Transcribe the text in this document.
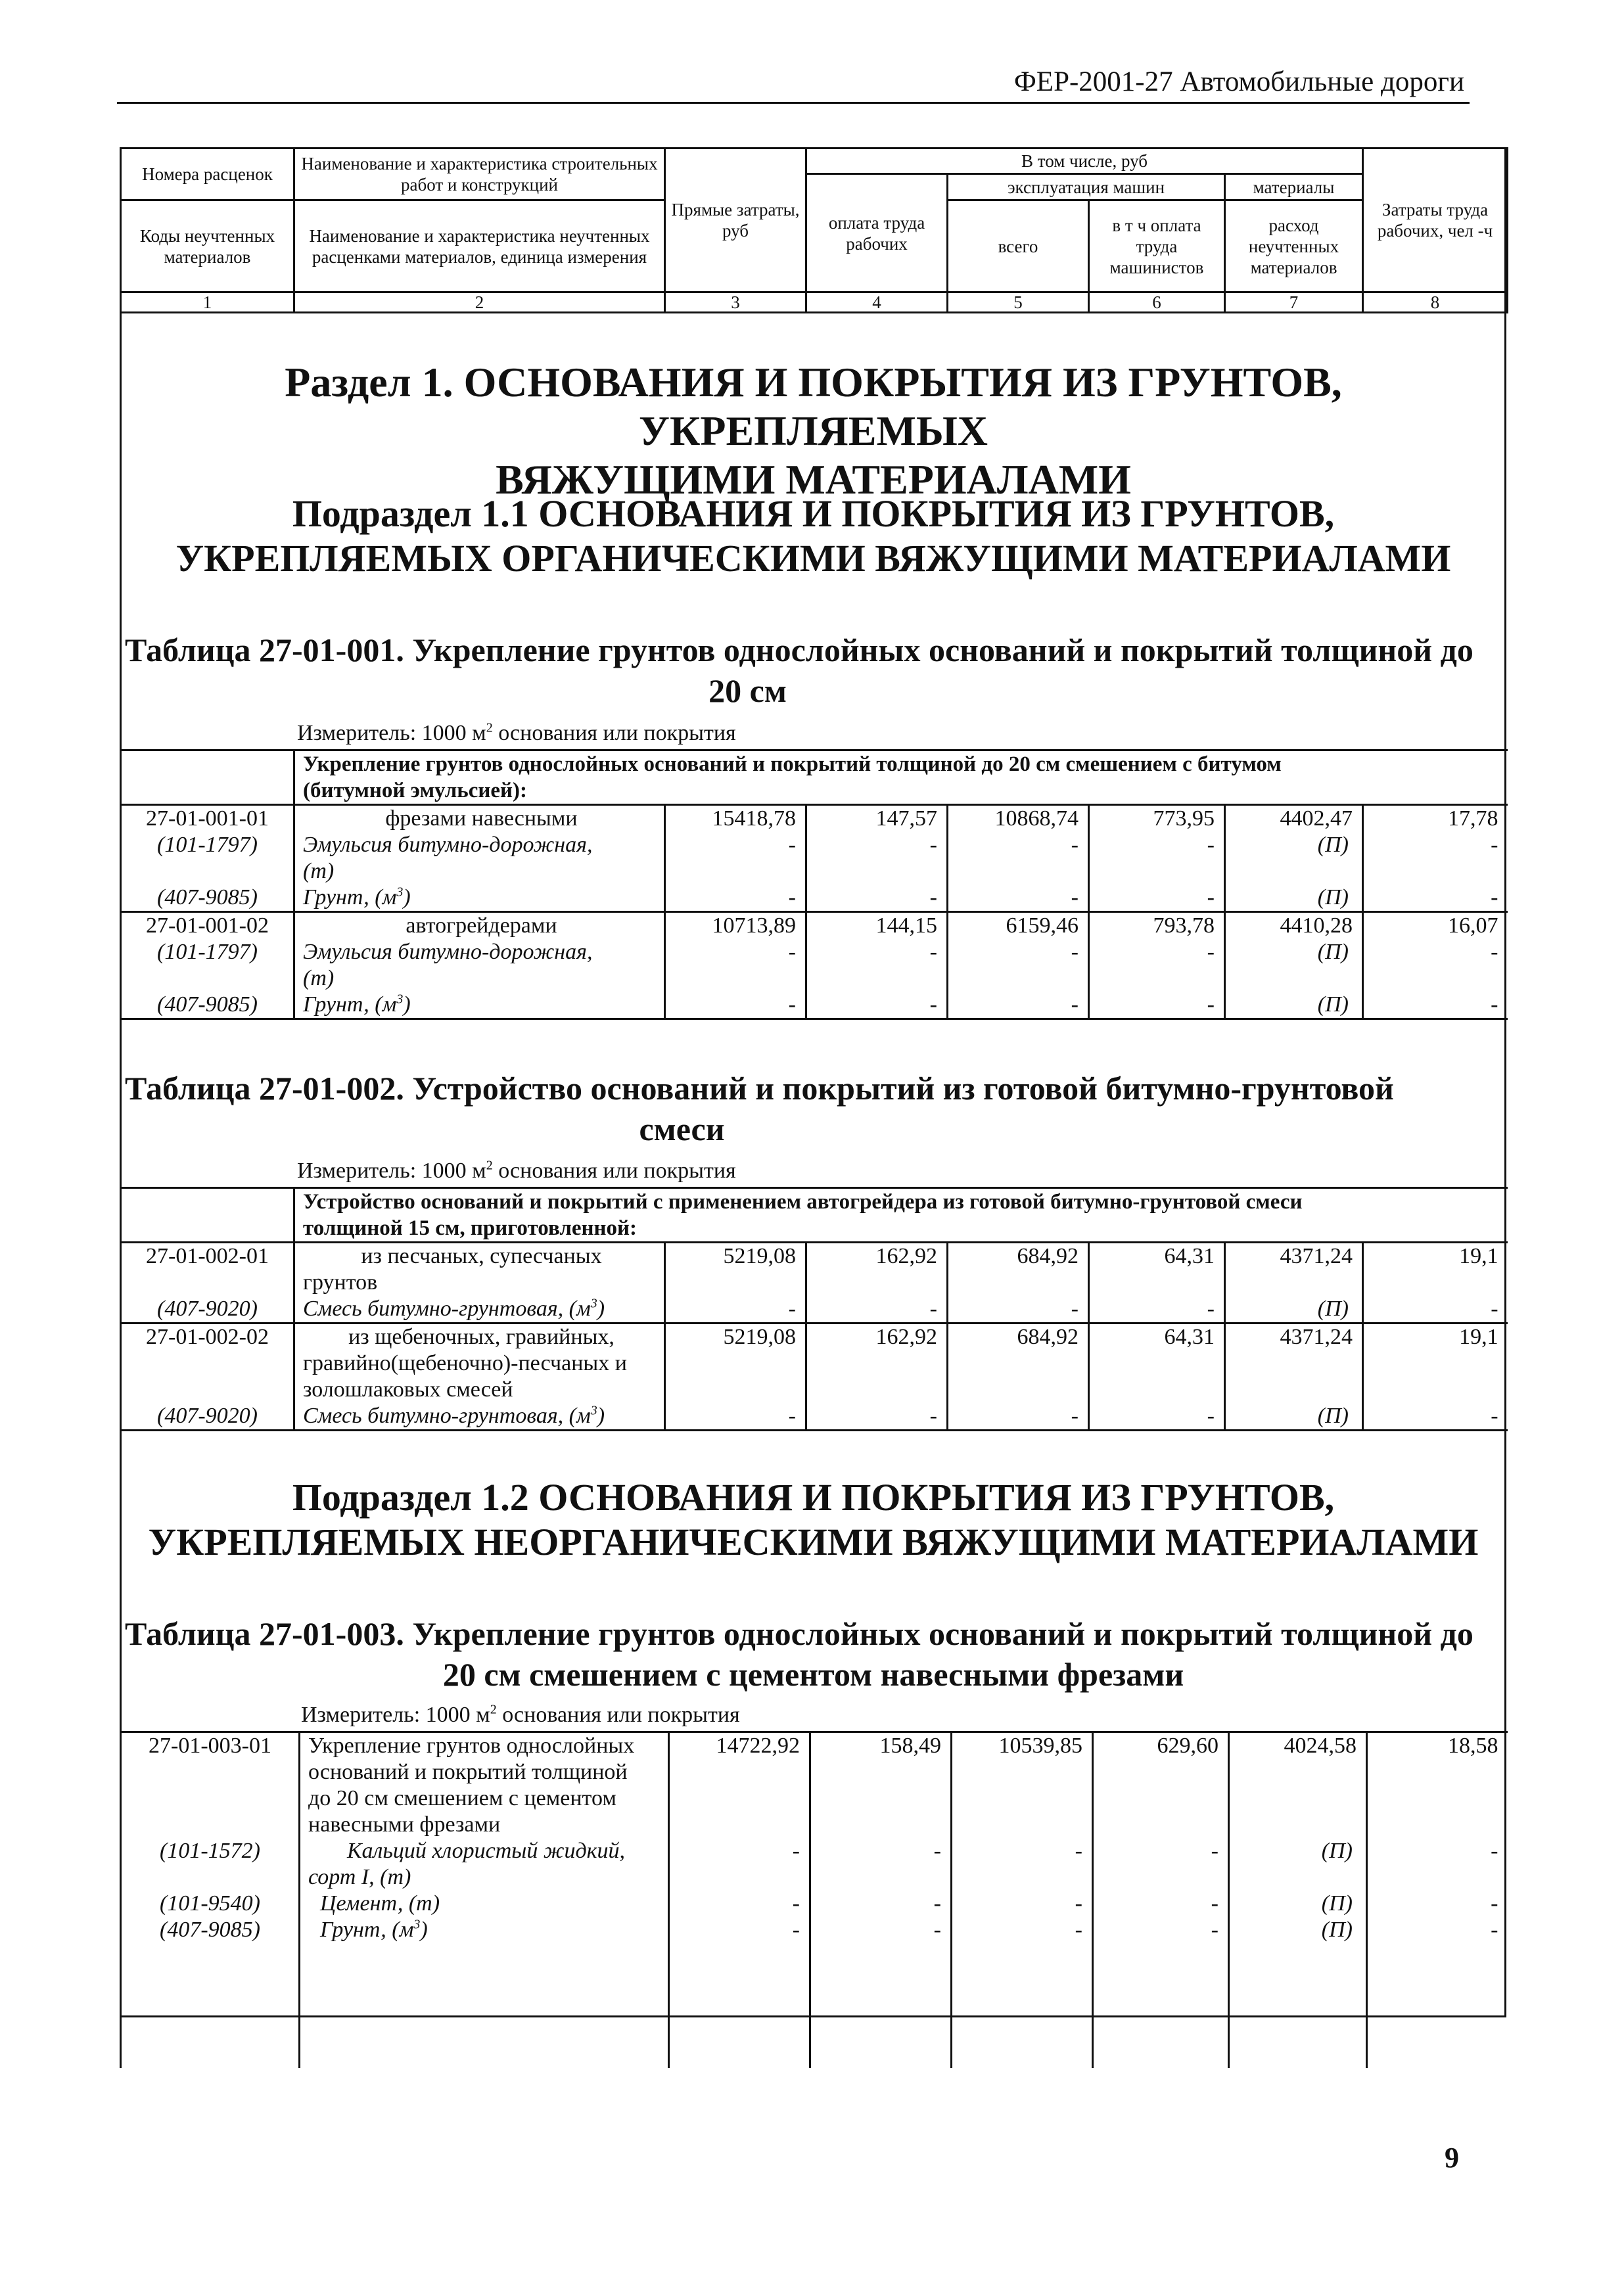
ФЕР-2001-27 Автомобильные дороги
Номера расценок	Наименование и характеристика строительных работ и конструкций	Прямые затраты, руб	В том числе, руб				Затраты труда рабочих, чел -ч
			оплата труда рабочих	эксплуатация машин		материалы	
Коды неучтенных материалов	Наименование и характеристика неучтенных расценками материалов, единица измерения			всего	в т ч оплата труда машинистов	расход неучтенных материалов	
1	2	3	4	5	6	7	8
Раздел 1. ОСНОВАНИЯ И ПОКРЫТИЯ ИЗ ГРУНТОВ, УКРЕПЛЯЕМЫХ
ВЯЖУЩИМИ МАТЕРИАЛАМИ
Подраздел 1.1 ОСНОВАНИЯ И ПОКРЫТИЯ ИЗ ГРУНТОВ,
УКРЕПЛЯЕМЫХ ОРГАНИЧЕСКИМИ ВЯЖУЩИМИ МАТЕРИАЛАМИ
Таблица 27-01-001. Укрепление грунтов однослойных оснований и покрытий толщиной до
20 см
Измеритель: 1000 $м^2$ основания или покрытия

	Укрепление грунтов однослойных оснований и покрытий толщиной до 20 см смешением с битумом
(битумной эмульсией):						

27-01-001-01	фрезами навесными	15418,78	147,57	10868,74	773,95	4402,47	17,78
(101-1797)	Эмульсия битумно-дорожная,
(т)	-	-	-	-	(П)	-
(407-9085)	Грунт, $(м^3)$	-	-	-	-	(П)	-
27-01-001-02	автогрейдерами	10713,89	144,15	6159,46	793,78	4410,28	16,07
(101-1797)	Эмульсия битумно-дорожная,
(т)	-	-	-	-	(П)	-
(407-9085)	Грунт, $(м^3)$	-	-	-	-	(П)	-
Таблица 27-01-002. Устройство оснований и покрытий из готовой битумно-грунтовой
смеси
Измеритель: 1000 $м^2$ основания или покрытия

	Устройство оснований и покрытий с применением автогрейдера из готовой битумно-грунтовой смеси
толщиной 15 см, приготовленной:						

27-01-002-01	из песчаных, супесчаных
грунтов	5219,08	162,92	684,92	64,31	4371,24	19,1
(407-9020)	Смесь битумно-грунтовая, $(м^3)$	-	-	-	-	(П)	-
27-01-002-02	из щебеночных, гравийных,
гравийно(щебеночно)-песчаных и
золошлаковых смесей	5219,08	162,92	684,92	64,31	4371,24	19,1
(407-9020)	Смесь битумно-грунтовая, $(м^3)$	-	-	-	-	(П)	-
Подраздел 1.2 ОСНОВАНИЯ И ПОКРЫТИЯ ИЗ ГРУНТОВ,
УКРЕПЛЯЕМЫХ НЕОРГАНИЧЕСКИМИ ВЯЖУЩИМИ МАТЕРИАЛАМИ
Таблица 27-01-003. Укрепление грунтов однослойных оснований и покрытий толщиной до
20 см смешением с цементом навесными фрезами
Измеритель: 1000 $м^2$ основания или покрытия
27-01-003-01	Укрепление грунтов однослойных
оснований и покрытий толщиной
до 20 см смешением с цементом
навесными фрезами	14722,92	158,49	10539,85	629,60	4024,58	18,58
(101-1572)	Кальций хлористый жидкий,
сорт I, (т)	-	-	-	-	(П)	-
(101-9540)	Цемент, (т)	-	-	-	-	(П)	-
(407-9085)	Грунт, $(м^3)$	-	-	-	-	(П)	-

9
